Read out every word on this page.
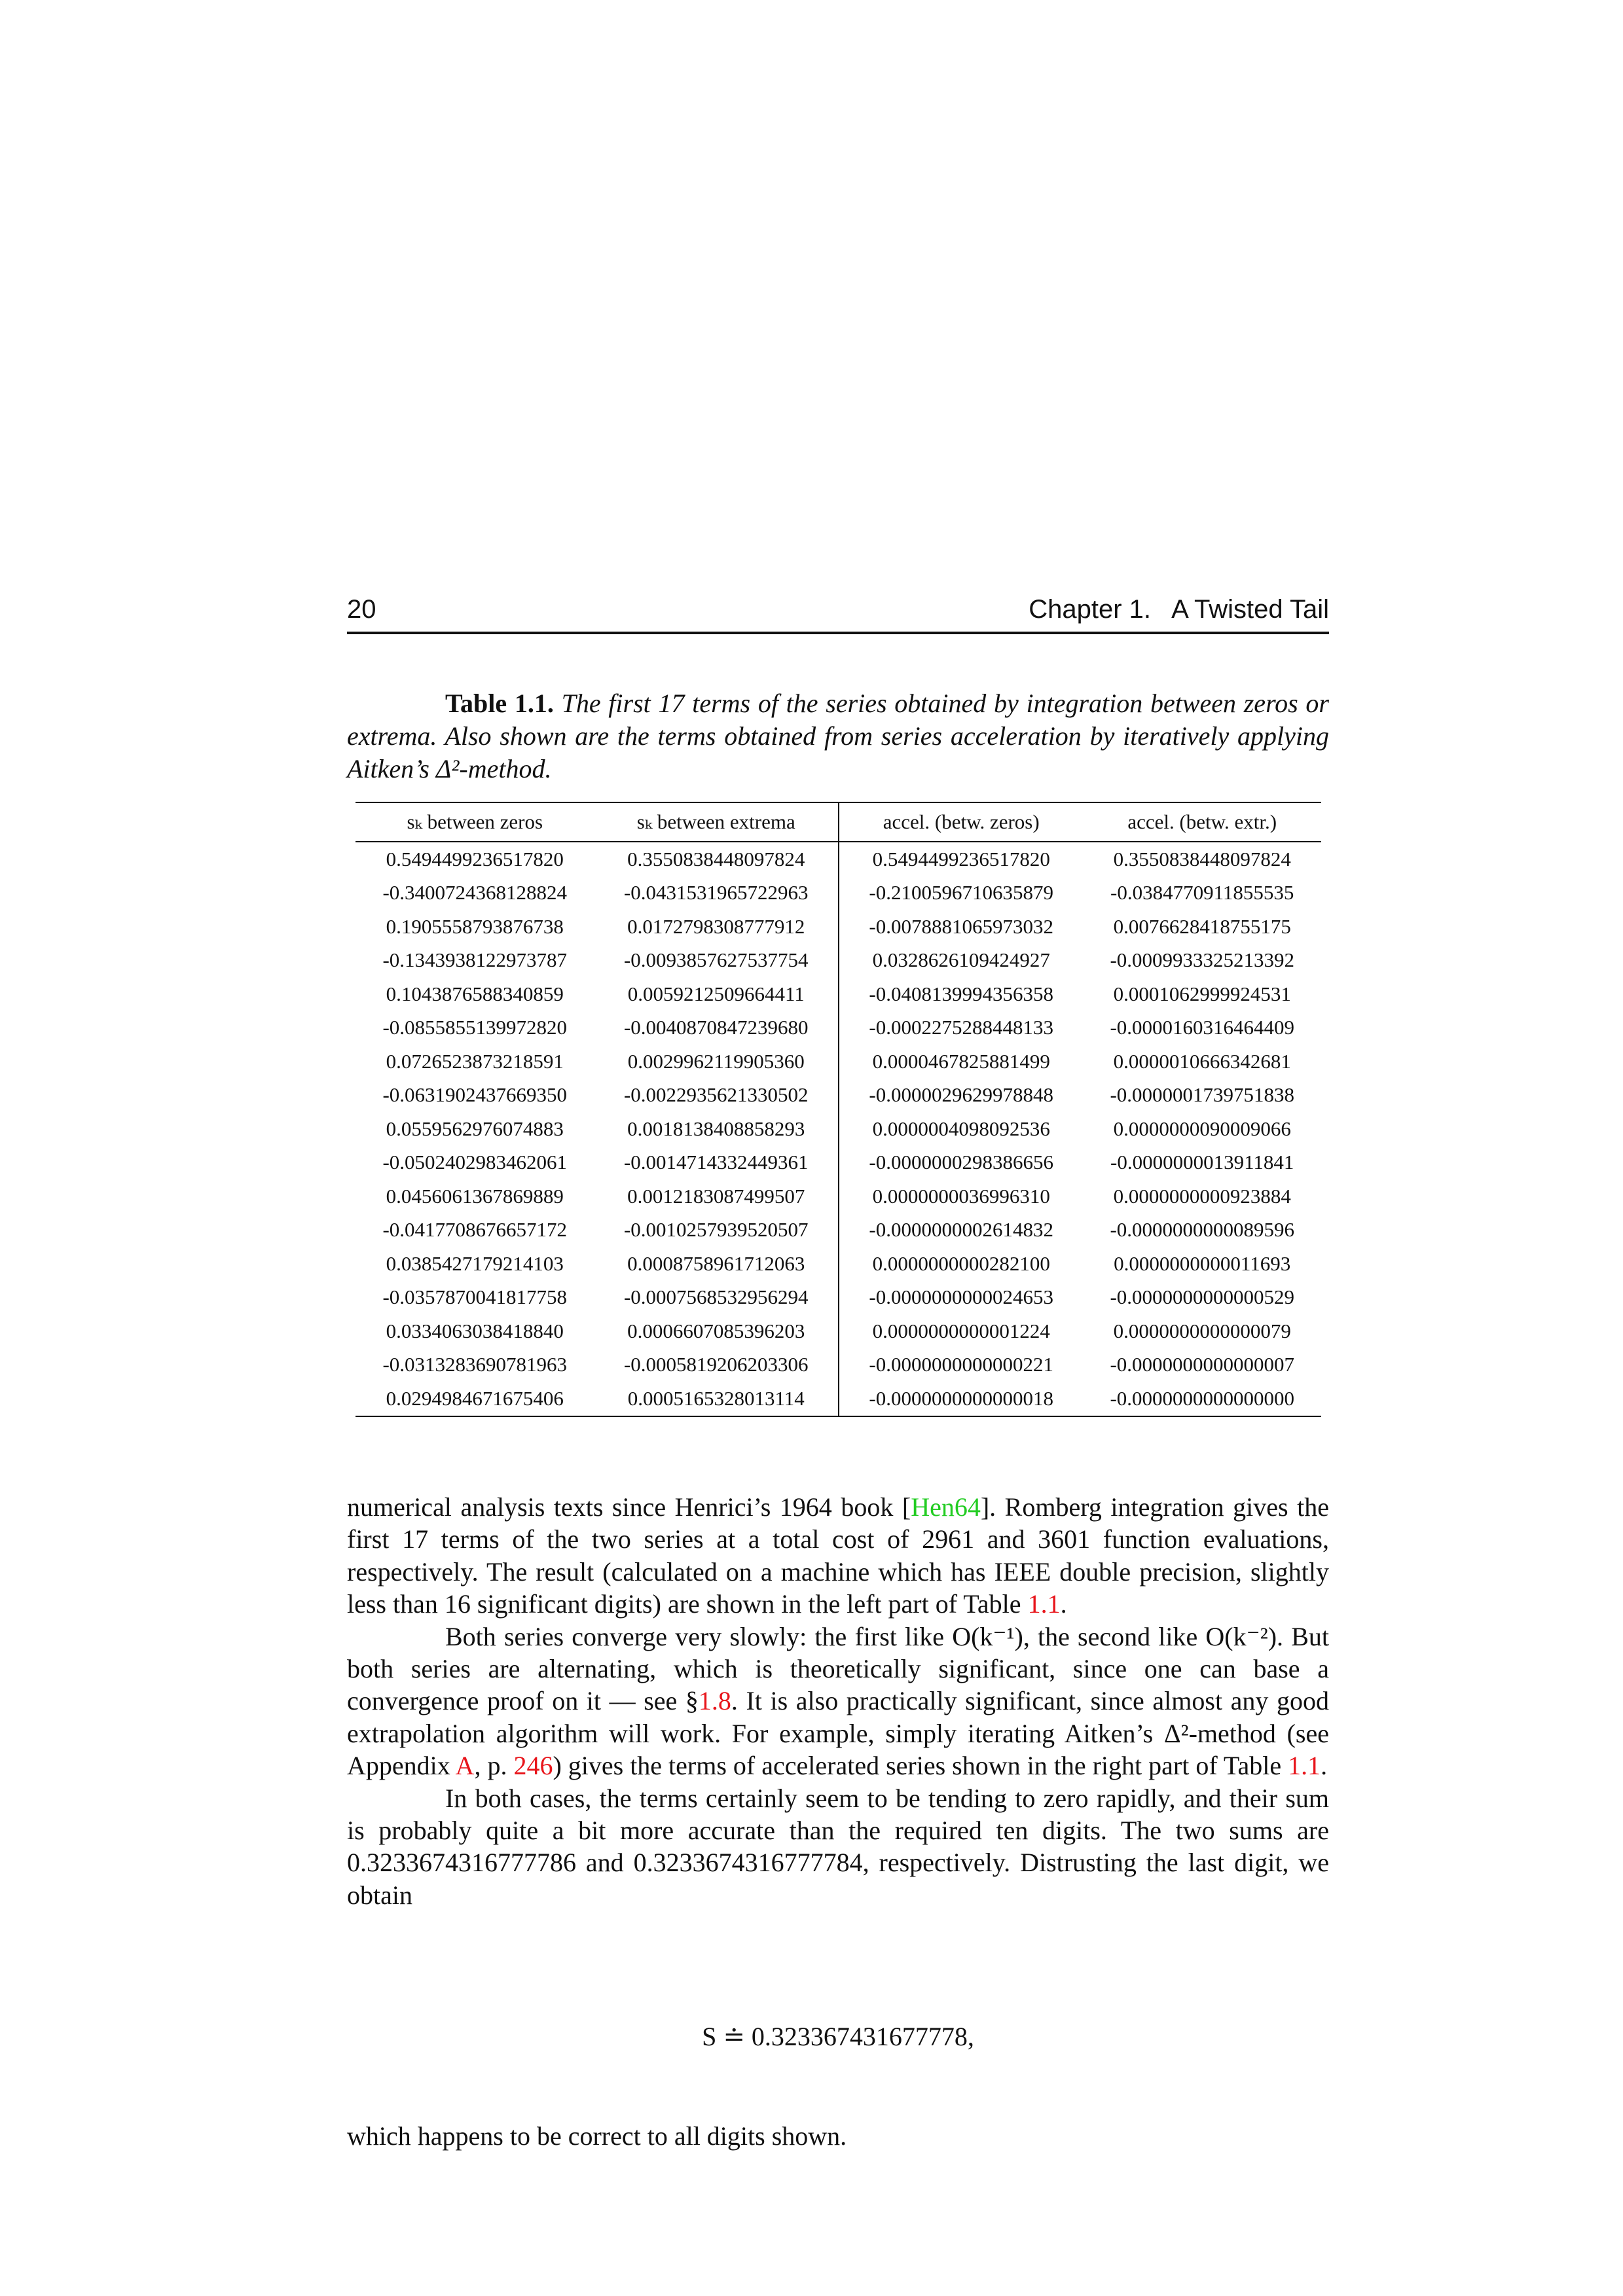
20	Chapter 1.   A Twisted Tail
Table 1.1. The first 17 terms of the series obtained by integration between zeros or extrema. Also shown are the terms obtained from series acceleration by iteratively applying Aitken’s Δ²-method.
sₖ between zeros	sₖ between extrema	accel. (betw. zeros)	accel. (betw. extr.)
0.5494499236517820	0.3550838448097824	0.5494499236517820	0.3550838448097824
-0.3400724368128824	-0.0431531965722963	-0.2100596710635879	-0.0384770911855535
0.1905558793876738	0.0172798308777912	-0.0078881065973032	0.0076628418755175
-0.1343938122973787	-0.0093857627537754	0.0328626109424927	-0.0009933325213392
0.1043876588340859	0.0059212509664411	-0.0408139994356358	0.0001062999924531
-0.0855855139972820	-0.0040870847239680	-0.0002275288448133	-0.0000160316464409
0.0726523873218591	0.0029962119905360	0.0000467825881499	0.0000010666342681
-0.0631902437669350	-0.0022935621330502	-0.0000029629978848	-0.0000001739751838
0.0559562976074883	0.0018138408858293	0.0000004098092536	0.0000000090009066
-0.0502402983462061	-0.0014714332449361	-0.0000000298386656	-0.0000000013911841
0.0456061367869889	0.0012183087499507	0.0000000036996310	0.0000000000923884
-0.0417708676657172	-0.0010257939520507	-0.0000000002614832	-0.0000000000089596
0.0385427179214103	0.0008758961712063	0.0000000000282100	0.0000000000011693
-0.0357870041817758	-0.0007568532956294	-0.0000000000024653	-0.0000000000000529
0.0334063038418840	0.0006607085396203	0.0000000000001224	0.0000000000000079
-0.0313283690781963	-0.0005819206203306	-0.0000000000000221	-0.0000000000000007
0.0294984671675406	0.0005165328013114	-0.0000000000000018	-0.0000000000000000

numerical analysis texts since Henrici’s 1964 book [Hen64]. Romberg integration gives the first 17 terms of the two series at a total cost of 2961 and 3601 function evaluations, respectively. The result (calculated on a machine which has IEEE double precision, slightly less than 16 significant digits) are shown in the left part of Table 1.1.

Both series converge very slowly: the first like O(k⁻¹), the second like O(k⁻²). But both series are alternating, which is theoretically significant, since one can base a convergence proof on it — see §1.8. It is also practically significant, since almost any good extrapolation algorithm will work. For example, simply iterating Aitken’s Δ²-method (see Appendix A, p. 246) gives the terms of accelerated series shown in the right part of Table 1.1.

In both cases, the terms certainly seem to be tending to zero rapidly, and their sum is probably quite a bit more accurate than the required ten digits. The two sums are 0.3233674316777786 and 0.3233674316777784, respectively. Distrusting the last digit, we obtain

S ≐ 0.323367431677778,
which happens to be correct to all digits shown.
